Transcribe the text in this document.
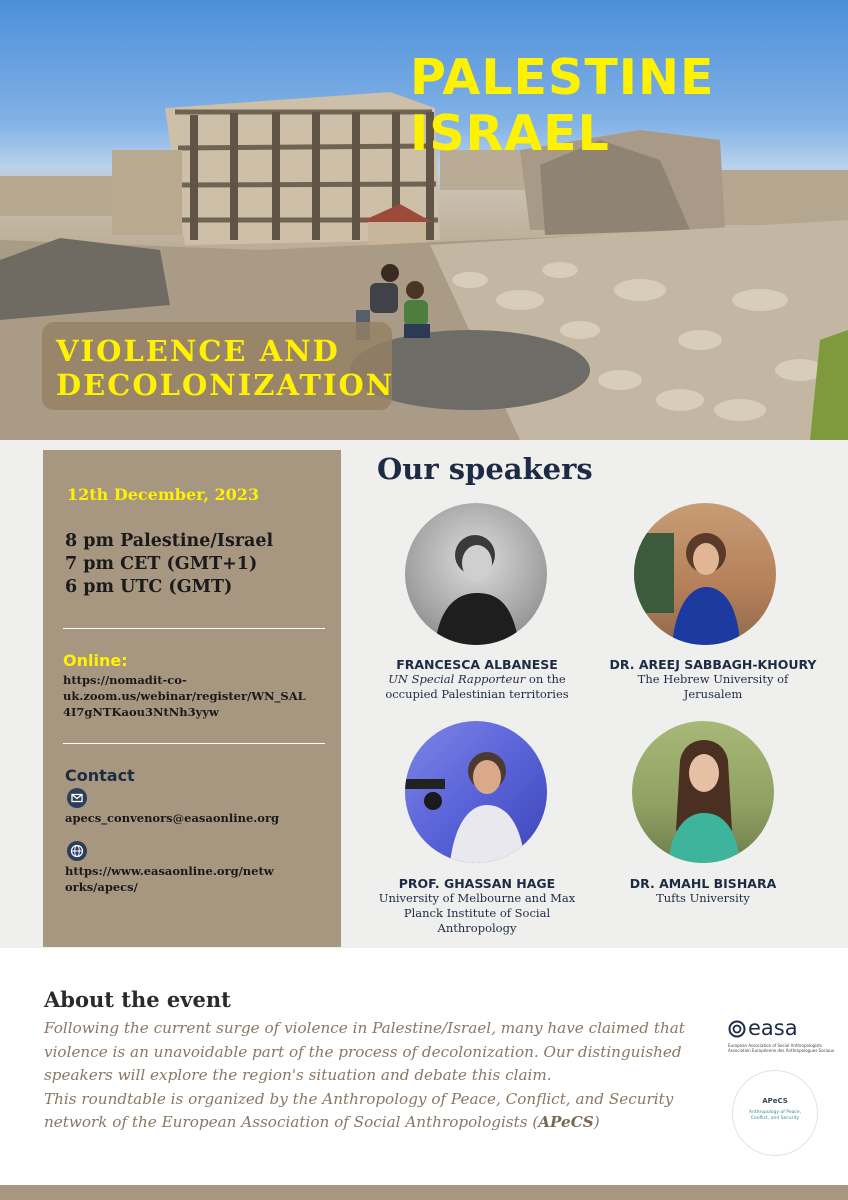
PALESTINE
ISRAEL
VIOLENCE AND
DECOLONIZATION
12th December, 2023
8 pm Palestine/Israel
7 pm CET (GMT+1)
6 pm UTC (GMT)
Online:
https://nomadit-co-
uk.zoom.us/webinar/register/WN_SAL
4I7gNTKaou3NtNh3yyw
Contact
apecs_convenors@easaonline.org
https://www.easaonline.org/netw
orks/apecs/
Our speakers
FRANCESCA ALBANESE
UN Special Rapporteur on the
occupied Palestinian territories
DR. AREEJ SABBAGH-KHOURY
The Hebrew University of
Jerusalem
PROF. GHASSAN HAGE
University of Melbourne and Max
Planck Institute of Social
Anthropology
DR. AMAHL BISHARA
Tufts University
About the event
Following the current surge of violence in Palestine/Israel, many have claimed that
violence is an unavoidable part of the process of decolonization. Our distinguished
speakers will explore the region's situation and debate this claim.
This roundtable is organized by the Anthropology of Peace, Conflict, and Security
network of the European Association of Social Anthropologists (APeCS)
easa
European Association of Social Anthropologists
Association Européenne des Anthropologues Sociaux
APeCS
Anthropology of Peace,
Conflict, and Security
